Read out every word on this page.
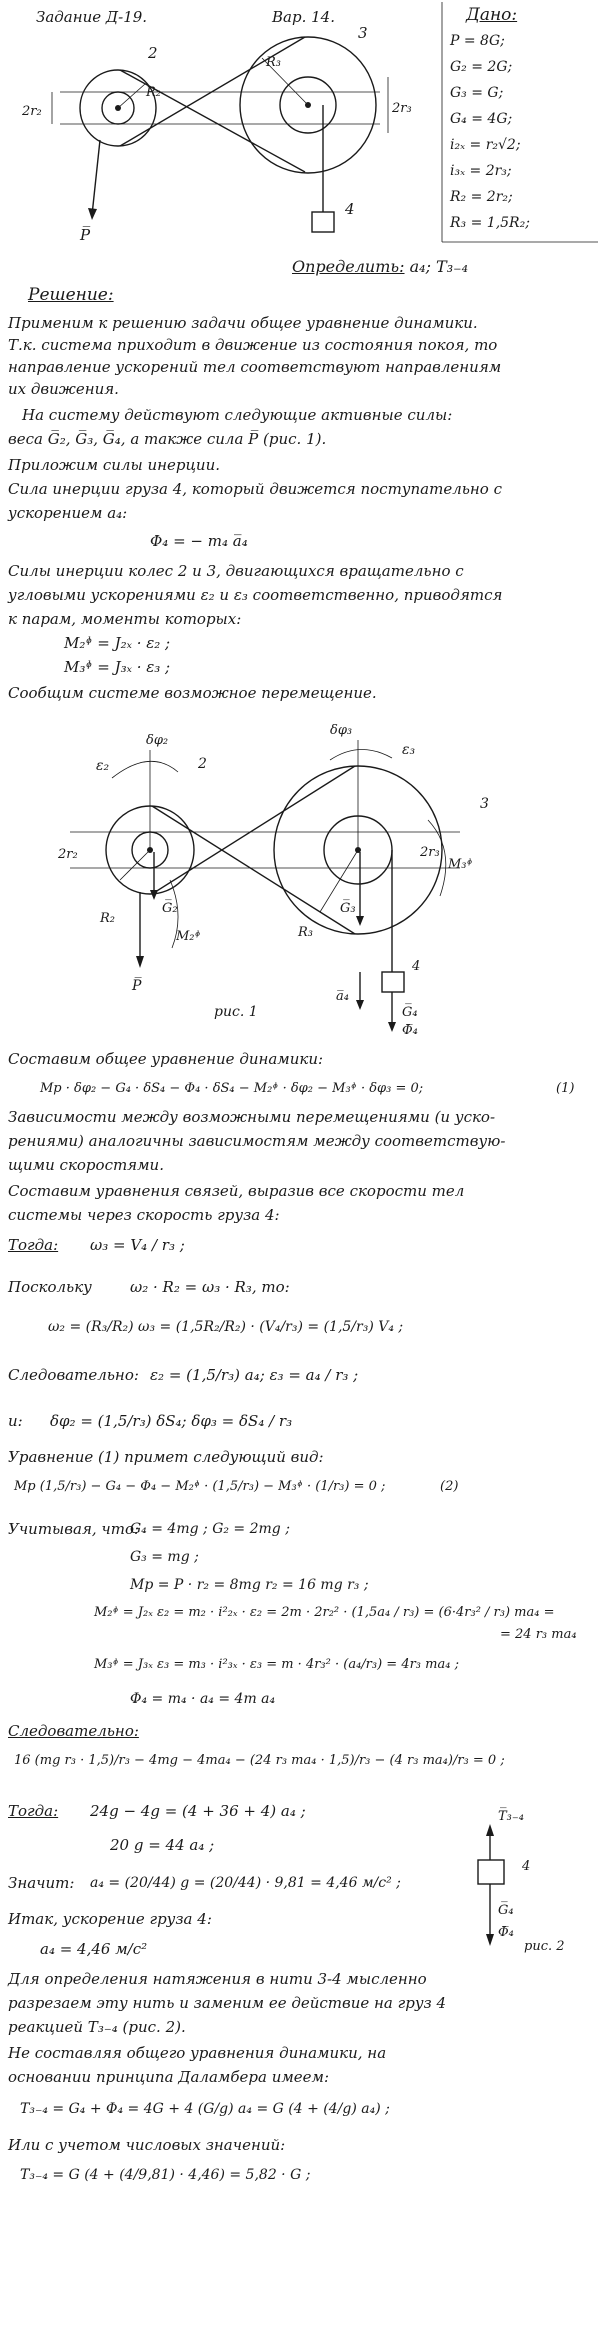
Задание Д-19.	Вар. 14.
2
3
4
R₃
R₂
2r₂	2r₃
P̅
Дано:
P = 8G;
G₂ = 2G;
G₃ = G;
G₄ = 4G;
i₂ₓ = r₂√2;
i₃ₓ = 2r₃;
R₂ = 2r₂;
R₃ = 1,5R₂;
Определить: a₄; T₃₋₄
Решение:
Применим к решению задачи общее уравнение динамики.
Т.к. система приходит в движение из состояния покоя, то
направление ускорений тел соответствуют направлениям
их движения.
На систему действуют следующие активные силы:
веса G̅₂, G̅₃, G̅₄, а также сила P̅ (рис. 1).
Приложим силы инерции.
Сила инерции груза 4, который движется поступательно с
ускорением a₄:
Φ₄ = − m₄ a̅₄
Силы инерции колес 2 и 3, двигающихся вращательно с
угловыми ускорениями ε₂ и ε₃ соответственно, приводятся
к парам, моменты которых:
M₂ᶲ = J₂ₓ · ε₂ ;
M₃ᶲ = J₃ₓ · ε₃ ;
Сообщим системе возможное перемещение.
ε₂
δφ₂
2
δφ₃
ε₃
3
2r₂	2r₃
G̅₂
M₂ᶲ
G̅₃
M₃ᶲ
R₂
R₃
a̅₄
4
G̅₄
Φ̅₄
P̅
рис. 1
Составим общее уравнение динамики:
Mp · δφ₂ − G₄ · δS₄ − Φ₄ · δS₄ − M₂ᶲ · δφ₂ − M₃ᶲ · δφ₃ = 0;	(1)
Зависимости между возможными перемещениями (и уско-
рениями) аналогичны зависимостям между соответствую-
щими скоростями.
Составим уравнения связей, выразив все скорости тел
системы через скорость груза 4:
Тогда: ω₃ = V₄ / r₃ ;
Поскольку	ω₂ · R₂ = ω₃ · R₃, то:
ω₂ = (R₃/R₂) ω₃ = (1,5R₂/R₂) · (V₄/r₃) = (1,5/r₃) V₄ ;
Следовательно: ε₂ = (1,5/r₃) a₄; ε₃ = a₄ / r₃ ;
и: δφ₂ = (1,5/r₃) δS₄; δφ₃ = δS₄ / r₃
Уравнение (1) примет следующий вид:
Mp (1,5/r₃) − G₄ − Φ₄ − M₂ᶲ · (1,5/r₃) − M₃ᶲ · (1/r₃) = 0 ;	(2)
Учитывая, что:
G₄ = 4mg ; G₂ = 2mg ;
G₃ = mg ;
Mp = P · r₂ = 8mg r₂ = 16 mg r₃ ;
M₂ᶲ = J₂ₓ ε₂ = m₂ · i²₂ₓ · ε₂ = 2m · 2r₂² · (1,5a₄ / r₃) = (6·4r₃² / r₃) ma₄ =
= 24 r₃ ma₄
M₃ᶲ = J₃ₓ ε₃ = m₃ · i²₃ₓ · ε₃ = m · 4r₃² · (a₄/r₃) = 4r₃ ma₄ ;
Φ₄ = m₄ · a₄ = 4m a₄
Следовательно:
16 (mg r₃ · 1,5)/r₃ − 4mg − 4ma₄ − (24 r₃ ma₄ · 1,5)/r₃ − (4 r₃ ma₄)/r₃ = 0 ;
Тогда: 24g − 4g = (4 + 36 + 4) a₄ ;
20 g = 44 a₄ ;
Значит: a₄ = (20/44) g = (20/44) · 9,81 = 4,46 м/с² ;
Итак, ускорение груза 4:
a₄ = 4,46 м/с²
Для определения натяжения в нити 3-4 мысленно
разрезаем эту нить и заменим ее действие на груз 4
реакцией T₃₋₄ (рис. 2).
Не составляя общего уравнения динамики, на
основании принципа Даламбера имеем:
T₃₋₄ = G₄ + Φ₄ = 4G + 4 (G/g) a₄ = G (4 + (4/g) a₄) ;
Или с учетом числовых значений:
T₃₋₄ = G (4 + (4/9,81) · 4,46) = 5,82 · G ;
T̅₃₋₄
4
G̅₄
Φ̅₄
рис. 2
